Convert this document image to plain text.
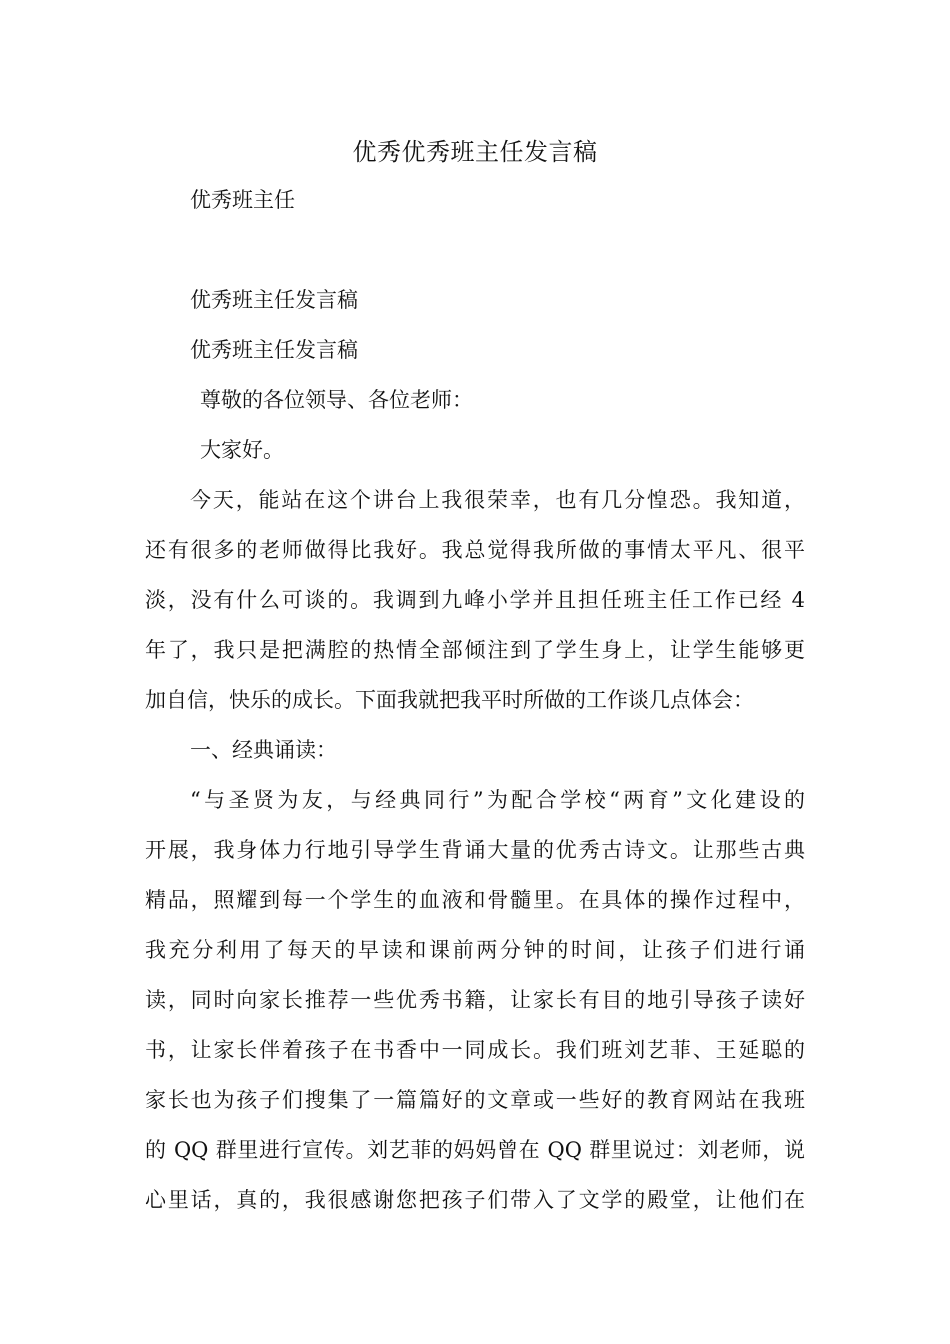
优秀优秀班主任发言稿

优秀班主任

优秀班主任发言稿

优秀班主任发言稿

尊敬的各位领导、各位老师：

大家好。

今天，能站在这个讲台上我很荣幸，也有几分惶恐。我知道，

还有很多的老师做得比我好。我总觉得我所做的事情太平凡、很平

淡，没有什么可谈的。我调到九峰小学并且担任班主任工作已经 4

年了，我只是把满腔的热情全部倾注到了学生身上，让学生能够更

加自信，快乐的成长。下面我就把我平时所做的工作谈几点体会：

一、经典诵读：

“与圣贤为友，与经典同行”为配合学校“两育”文化建设的

开展，我身体力行地引导学生背诵大量的优秀古诗文。让那些古典

精品，照耀到每一个学生的血液和骨髓里。在具体的操作过程中，

我充分利用了每天的早读和课前两分钟的时间，让孩子们进行诵

读，同时向家长推荐一些优秀书籍，让家长有目的地引导孩子读好

书，让家长伴着孩子在书香中一同成长。我们班刘艺菲、王延聪的

家长也为孩子们搜集了一篇篇好的文章或一些好的教育网站在我班

的 QQ 群里进行宣传。刘艺菲的妈妈曾在 QQ 群里说过：刘老师，说

心里话，真的，我很感谢您把孩子们带入了文学的殿堂，让他们在
